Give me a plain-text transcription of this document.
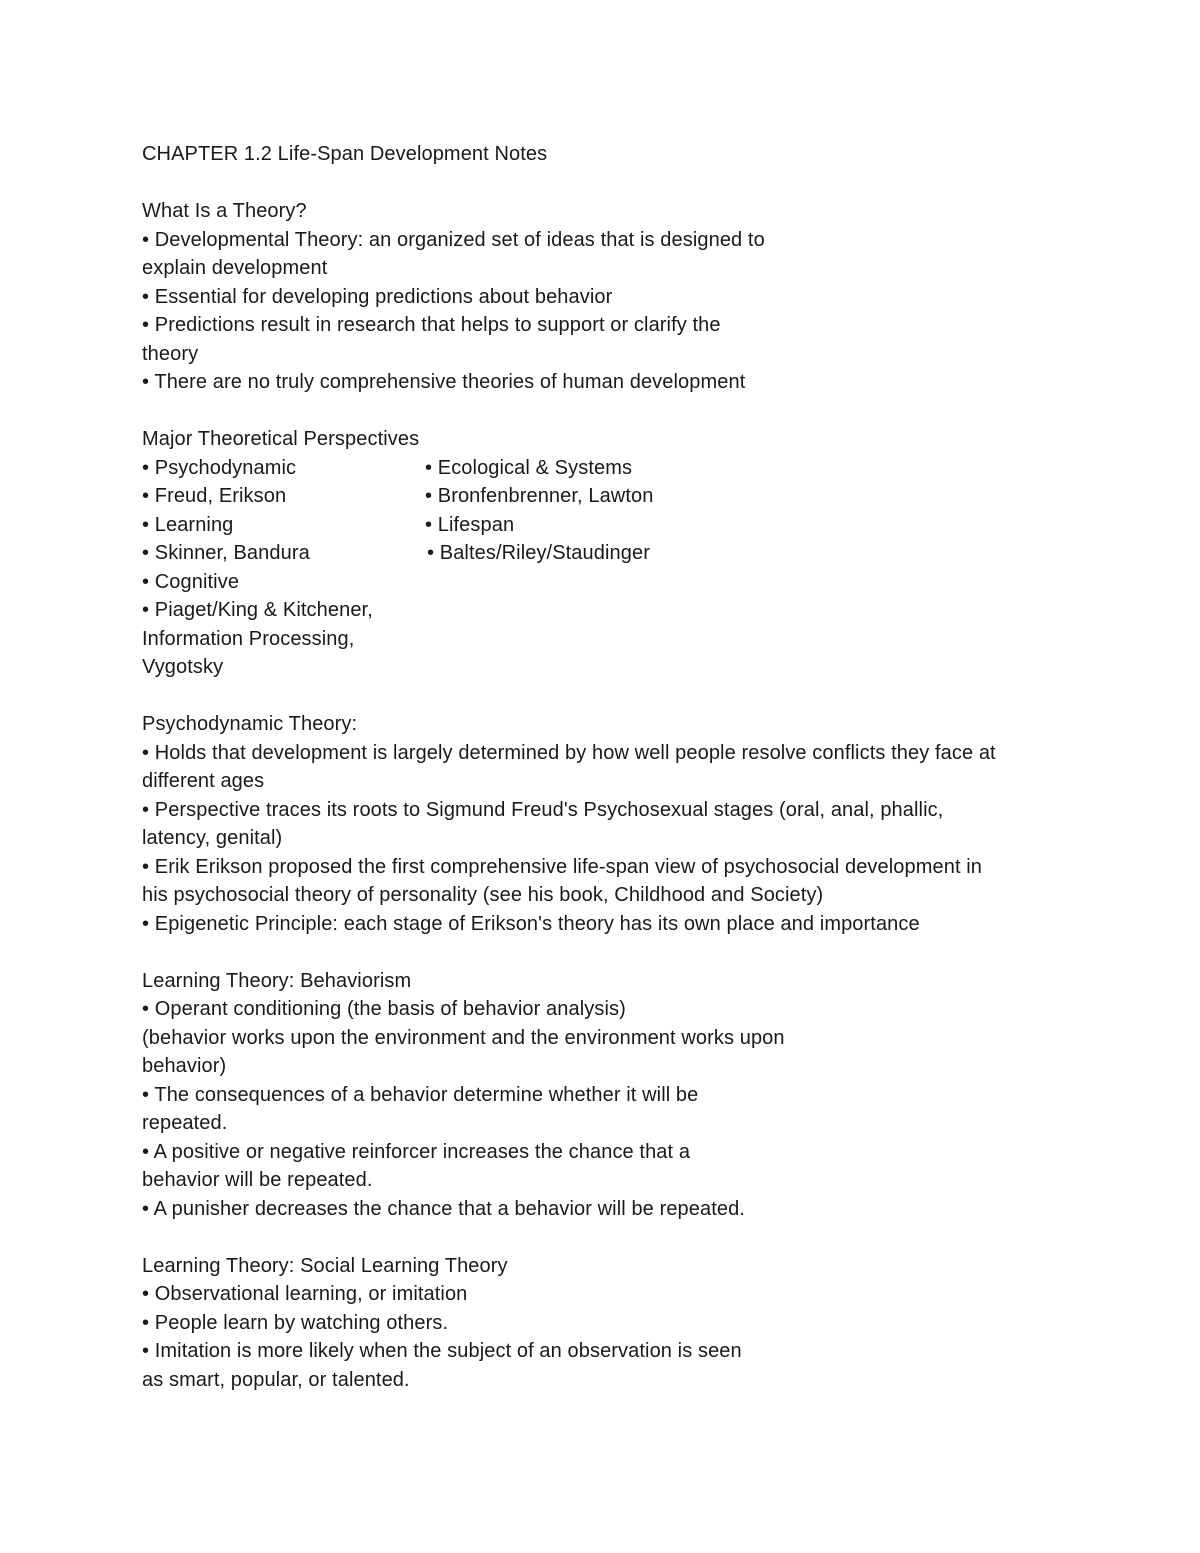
CHAPTER 1.2 Life-Span Development Notes
What Is a Theory?
• Developmental Theory: an organized set of ideas that is designed to
explain development
• Essential for developing predictions about behavior
• Predictions result in research that helps to support or clarify the
theory
• There are no truly comprehensive theories of human development
Major Theoretical Perspectives
• Psychodynamic
• Freud, Erikson
• Learning
• Skinner, Bandura
• Cognitive
• Piaget/King & Kitchener,
Information Processing,
Vygotsky
• Ecological & Systems
• Bronfenbrenner, Lawton
• Lifespan
• Baltes/Riley/Staudinger
Psychodynamic Theory:
• Holds that development is largely determined by how well people resolve conflicts they face at
different ages
• Perspective traces its roots to Sigmund Freud's Psychosexual stages (oral, anal, phallic,
latency, genital)
• Erik Erikson proposed the first comprehensive life-span view of psychosocial development in
his psychosocial theory of personality (see his book, Childhood and Society)
• Epigenetic Principle: each stage of Erikson's theory has its own place and importance
Learning Theory: Behaviorism
• Operant conditioning (the basis of behavior analysis)
(behavior works upon the environment and the environment works upon
behavior)
• The consequences of a behavior determine whether it will be
repeated.
• A positive or negative reinforcer increases the chance that a
behavior will be repeated.
• A punisher decreases the chance that a behavior will be repeated.
Learning Theory: Social Learning Theory
• Observational learning, or imitation
• People learn by watching others.
• Imitation is more likely when the subject of an observation is seen
as smart, popular, or talented.
